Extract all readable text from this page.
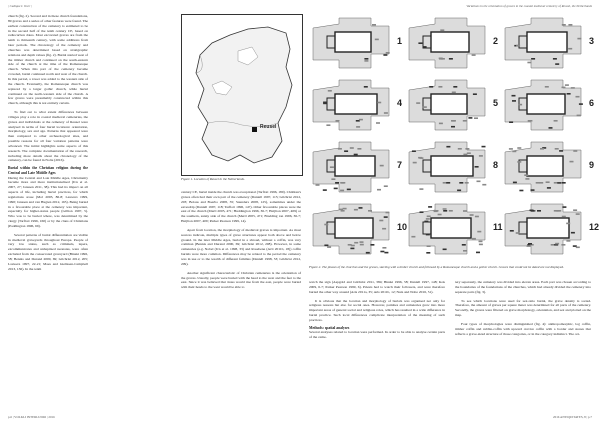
| Cadique I. Over |	Variations in the orientation of graves in the coastal medieval cemetery of Reusel, the Netherlands

church (fig. 2). Second and in these church foundations, 89 graves and a series of other features were found. The earliest construction of the cemetery is estimated to be in the second half of the tenth century CE, based on radiocarbon dates. Most excavated graves are from the tenth to thirteenth century, with some additions from later periods. The chronology of the cemetery and churches was determined based on stratigraphic relations and depth values (fig. 2). Burial started west of the timber church and continued on the south-eastern side of the church at the time of the Romanesque church. When this part of the cemetery became crowded, burial continued north and west of the church. In this period, a tower was added to the western side of the church. Eventually, the Romanesque church was replaced by a larger gothic church, while burial continued on the north-western side of the church. A few graves were presumably constructed within this church, although this is not entirely certain.

To find out to what extent differences between villages play a role in coastal medieval cemeteries, the graves and individuals at the cemetery of Reusel were analysed in terms of four burial locations: orientation, morphology, sex and age. Patterns that appeared were then compared to other archaeological sites, and possible reasons for all four variation patterns were advanced. The initial highlights some aspects of this research. The complete documentation of the research, including more details about the chronology of the cemetery, can be found in Nolte (2016).

Burial within the Christian religion during the Central and Late Middle Ages

During the Central and Late Middle Ages, Christianity became more and more institutionalised (Ivn et al. 2007, 27; Janssen 2011, 38). This had its impact on all aspects of life, including burial practices, for which regulations arose (Mol 2003, 86-8; Lauwers 1999, 1990; Janssen and van Hugten 2012, 165). Being buried in a favourable place at the cemetery was important, especially for higher-status people (Gillion 1997, 5). Who was to be buried where, was determined by the clergy (Tarflott 1996, 160) or by the clans of Christians (Paddington 1996, 69).

Several patterns of burial differentiation are visible in medieval graveyards throughout Europe. People of very low status, such as criminals, lepers, excommunicates and unbaptised neonates, were often excluded from the consecrated graveyard (Binski 1996, 58; Bennis and Durand 2000, 69; Gilchrist 2012, 205; Lauwers 1997, 22-21; Maes and Gielissen-Campbell 2013, 136). In the tenth

Reusel
Figure 1. Location of Reusel in the Netherlands.

century CE, burial inside the church was exceptional (Tarflott 1996, 180). Children's graves often had their own part of the cemetery (Daniell 1997, 115; Gilchrist 2012, 203; Bolaas and Boerbo 2008, 35; Saunders 2008, 125), sometimes under the eavesdrip (Daniell 1997, 118; Tarflott 1996, 147). Other favourable places were the east of the church (Mertl 2005, 471; Huddington 1996, 36-7; Haijlton 2007, 409) or the southern, sunny side of the church (Mertl 2005, 471; Bradding ton 1996, 36-7; Haijlton 2007, 409; Parker Pearson 1999, 14).

Apart from location, the morphology of medieval graves is important. As most sources indicate, multiple types of grave structures appear both above and below ground. In the later Middle Ages, burial in a shroud, without a coffin, was very common (Bennis and Durand 2000, 69; Gilchrist 2012, 208). However, in some cemeteries (e.g. Nobel (Ivn et al. 1998, 33) and Rosebene (Avtt 2011b, 18)) coffin burials were more common. Differences may be related to the period the cemetery was in use or to the wealth of different families (Daniell 1998, 53; Gilchrist 2012, 209).

Another significant characteristic of Christian cemeteries is the orientation of the graves. Usually, people were buried with the head to the west and the feet to the east. Since it was believed that Jesus would rise from the east, people were buried with their heads to the west would be able to

1	2	3
4	5	6
7	8	9
10	11	12
Figure 2. The phases of the churches and the graves, starting with a timber church and followed by a Romanesque church and a gothic church. Graves that could not be dated are not displayed.

watch the sign (Aspgold and Gilchrist 2011, 384; Binski 1996, 58; Daniell 1997, 148; Kok 2009, 6-7; Parker Pearson 1999, 6). Priests had to watch their followers, and were therefore buried the other way around (Aris 2011a, 35; Aris 2011b, 12; Nuis and Nolte 2016, 51).

It is obvious that the location and morphology of burials was organised not only for religious reasons but also for social ones. However, parishes and cemeteries grew into more important areas of general social and religious roles, which has resulted in a wide difference in burial practice. Such local differences complicate interpretation of the meaning of such practices.

Methods: spatial analyses

Several analyses related to location were performed. In order to be able to analyse certain parts of the ceme-

tery separately, the cemetery was divided into eleven areas. Each part was chosen according to the boundaries of the foundations of the churches, which had already divided the cemetery into separate parts (fig. 3).

To see which locations were used for sex-ratio burial, the grave density is sorted. Therefore, the amount of graves per square meter was determined for all parts of the cemetery. Secondly, the graves were filtered on grave morphology, orientation, and sex and plotted on the map.

Four types of morphologies were distinguished (fig. 4): anthropomorphic, log coffin, timber coffin and rubble-coffin with upward crevice coffin with a border and stones that reflects a grave-sized structure of those categories, or in the category indistinct. The ori-

p.6 | VOLKLI INTERLUDIO | 2016	2016 ANTIQUITATES, 8 | p.7
